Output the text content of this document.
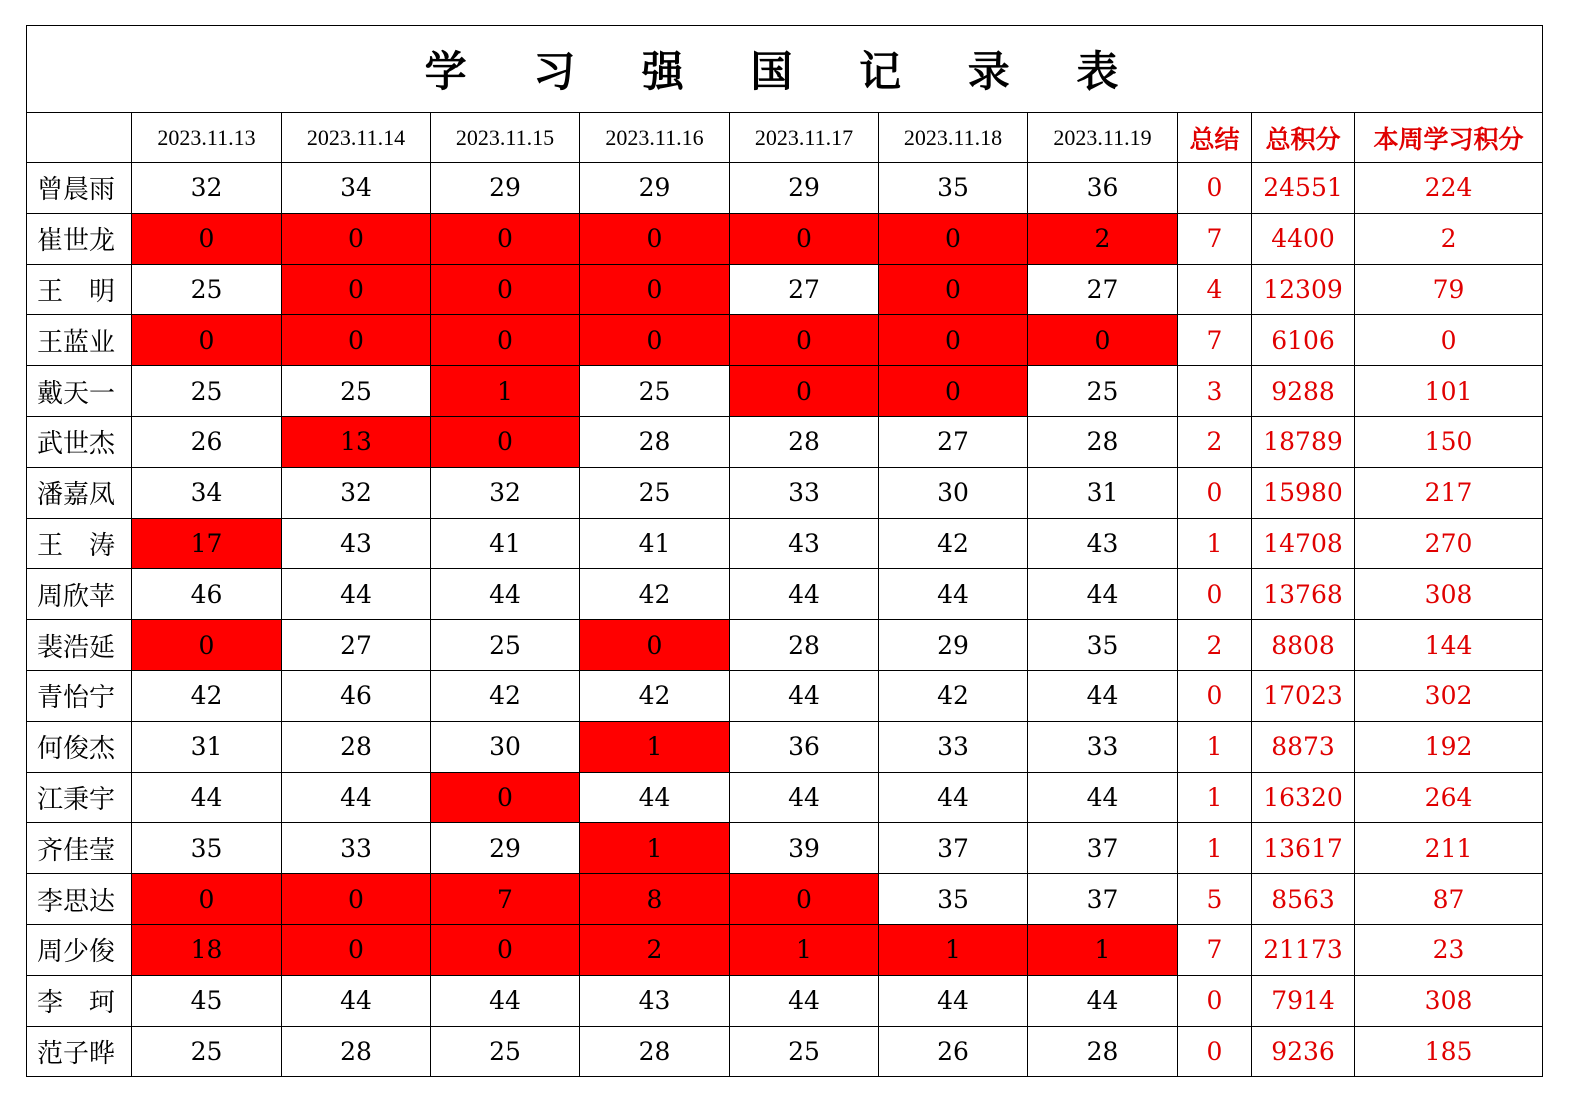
学 习 强 国 记 录 表										
	2023.11.13	2023.11.14	2023.11.15	2023.11.16	2023.11.17	2023.11.18	2023.11.19	总结	总积分	本周学习积分
曾晨雨	32	34	29	29	29	35	36	0	24551	224
崔世龙	0	0	0	0	0	0	2	7	4400	2
王　明	25	0	0	0	27	0	27	4	12309	79
王蓝业	0	0	0	0	0	0	0	7	6106	0
戴天一	25	25	1	25	0	0	25	3	9288	101
武世杰	26	13	0	28	28	27	28	2	18789	150
潘嘉凤	34	32	32	25	33	30	31	0	15980	217
王　涛	17	43	41	41	43	42	43	1	14708	270
周欣苹	46	44	44	42	44	44	44	0	13768	308
裴浩延	0	27	25	0	28	29	35	2	8808	144
青怡宁	42	46	42	42	44	42	44	0	17023	302
何俊杰	31	28	30	1	36	33	33	1	8873	192
江秉宇	44	44	0	44	44	44	44	1	16320	264
齐佳莹	35	33	29	1	39	37	37	1	13617	211
李思达	0	0	7	8	0	35	37	5	8563	87
周少俊	18	0	0	2	1	1	1	7	21173	23
李　珂	45	44	44	43	44	44	44	0	7914	308
范子晔	25	28	25	28	25	26	28	0	9236	185
